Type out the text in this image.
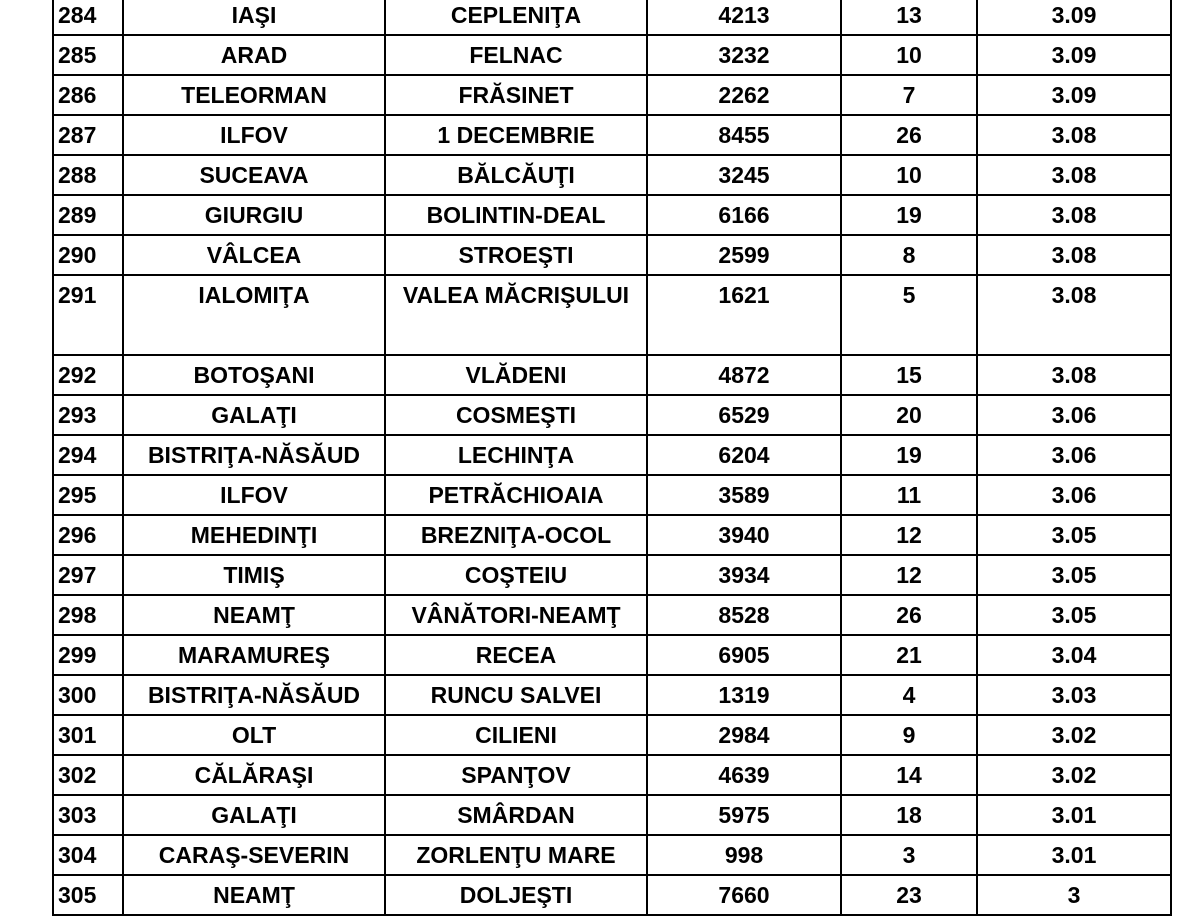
284	IAŞI	CEPLENIŢA	4213	13	3.09
285	ARAD	FELNAC	3232	10	3.09
286	TELEORMAN	FRĂSINET	2262	7	3.09
287	ILFOV	1 DECEMBRIE	8455	26	3.08
288	SUCEAVA	BĂLCĂUŢI	3245	10	3.08
289	GIURGIU	BOLINTIN-DEAL	6166	19	3.08
290	VÂLCEA	STROEŞTI	2599	8	3.08
291	IALOMIŢA	VALEA MĂCRIŞULUI	1621	5	3.08
292	BOTOŞANI	VLĂDENI	4872	15	3.08
293	GALAŢI	COSMEŞTI	6529	20	3.06
294	BISTRIŢA-NĂSĂUD	LECHINŢA	6204	19	3.06
295	ILFOV	PETRĂCHIOAIA	3589	11	3.06
296	MEHEDINŢI	BREZNIŢA-OCOL	3940	12	3.05
297	TIMIŞ	COŞTEIU	3934	12	3.05
298	NEAMŢ	VÂNĂTORI-NEAMŢ	8528	26	3.05
299	MARAMUREŞ	RECEA	6905	21	3.04
300	BISTRIŢA-NĂSĂUD	RUNCU SALVEI	1319	4	3.03
301	OLT	CILIENI	2984	9	3.02
302	CĂLĂRAŞI	SPANŢOV	4639	14	3.02
303	GALAŢI	SMÂRDAN	5975	18	3.01
304	CARAŞ-SEVERIN	ZORLENŢU MARE	998	3	3.01
305	NEAMŢ	DOLJEŞTI	7660	23	3
